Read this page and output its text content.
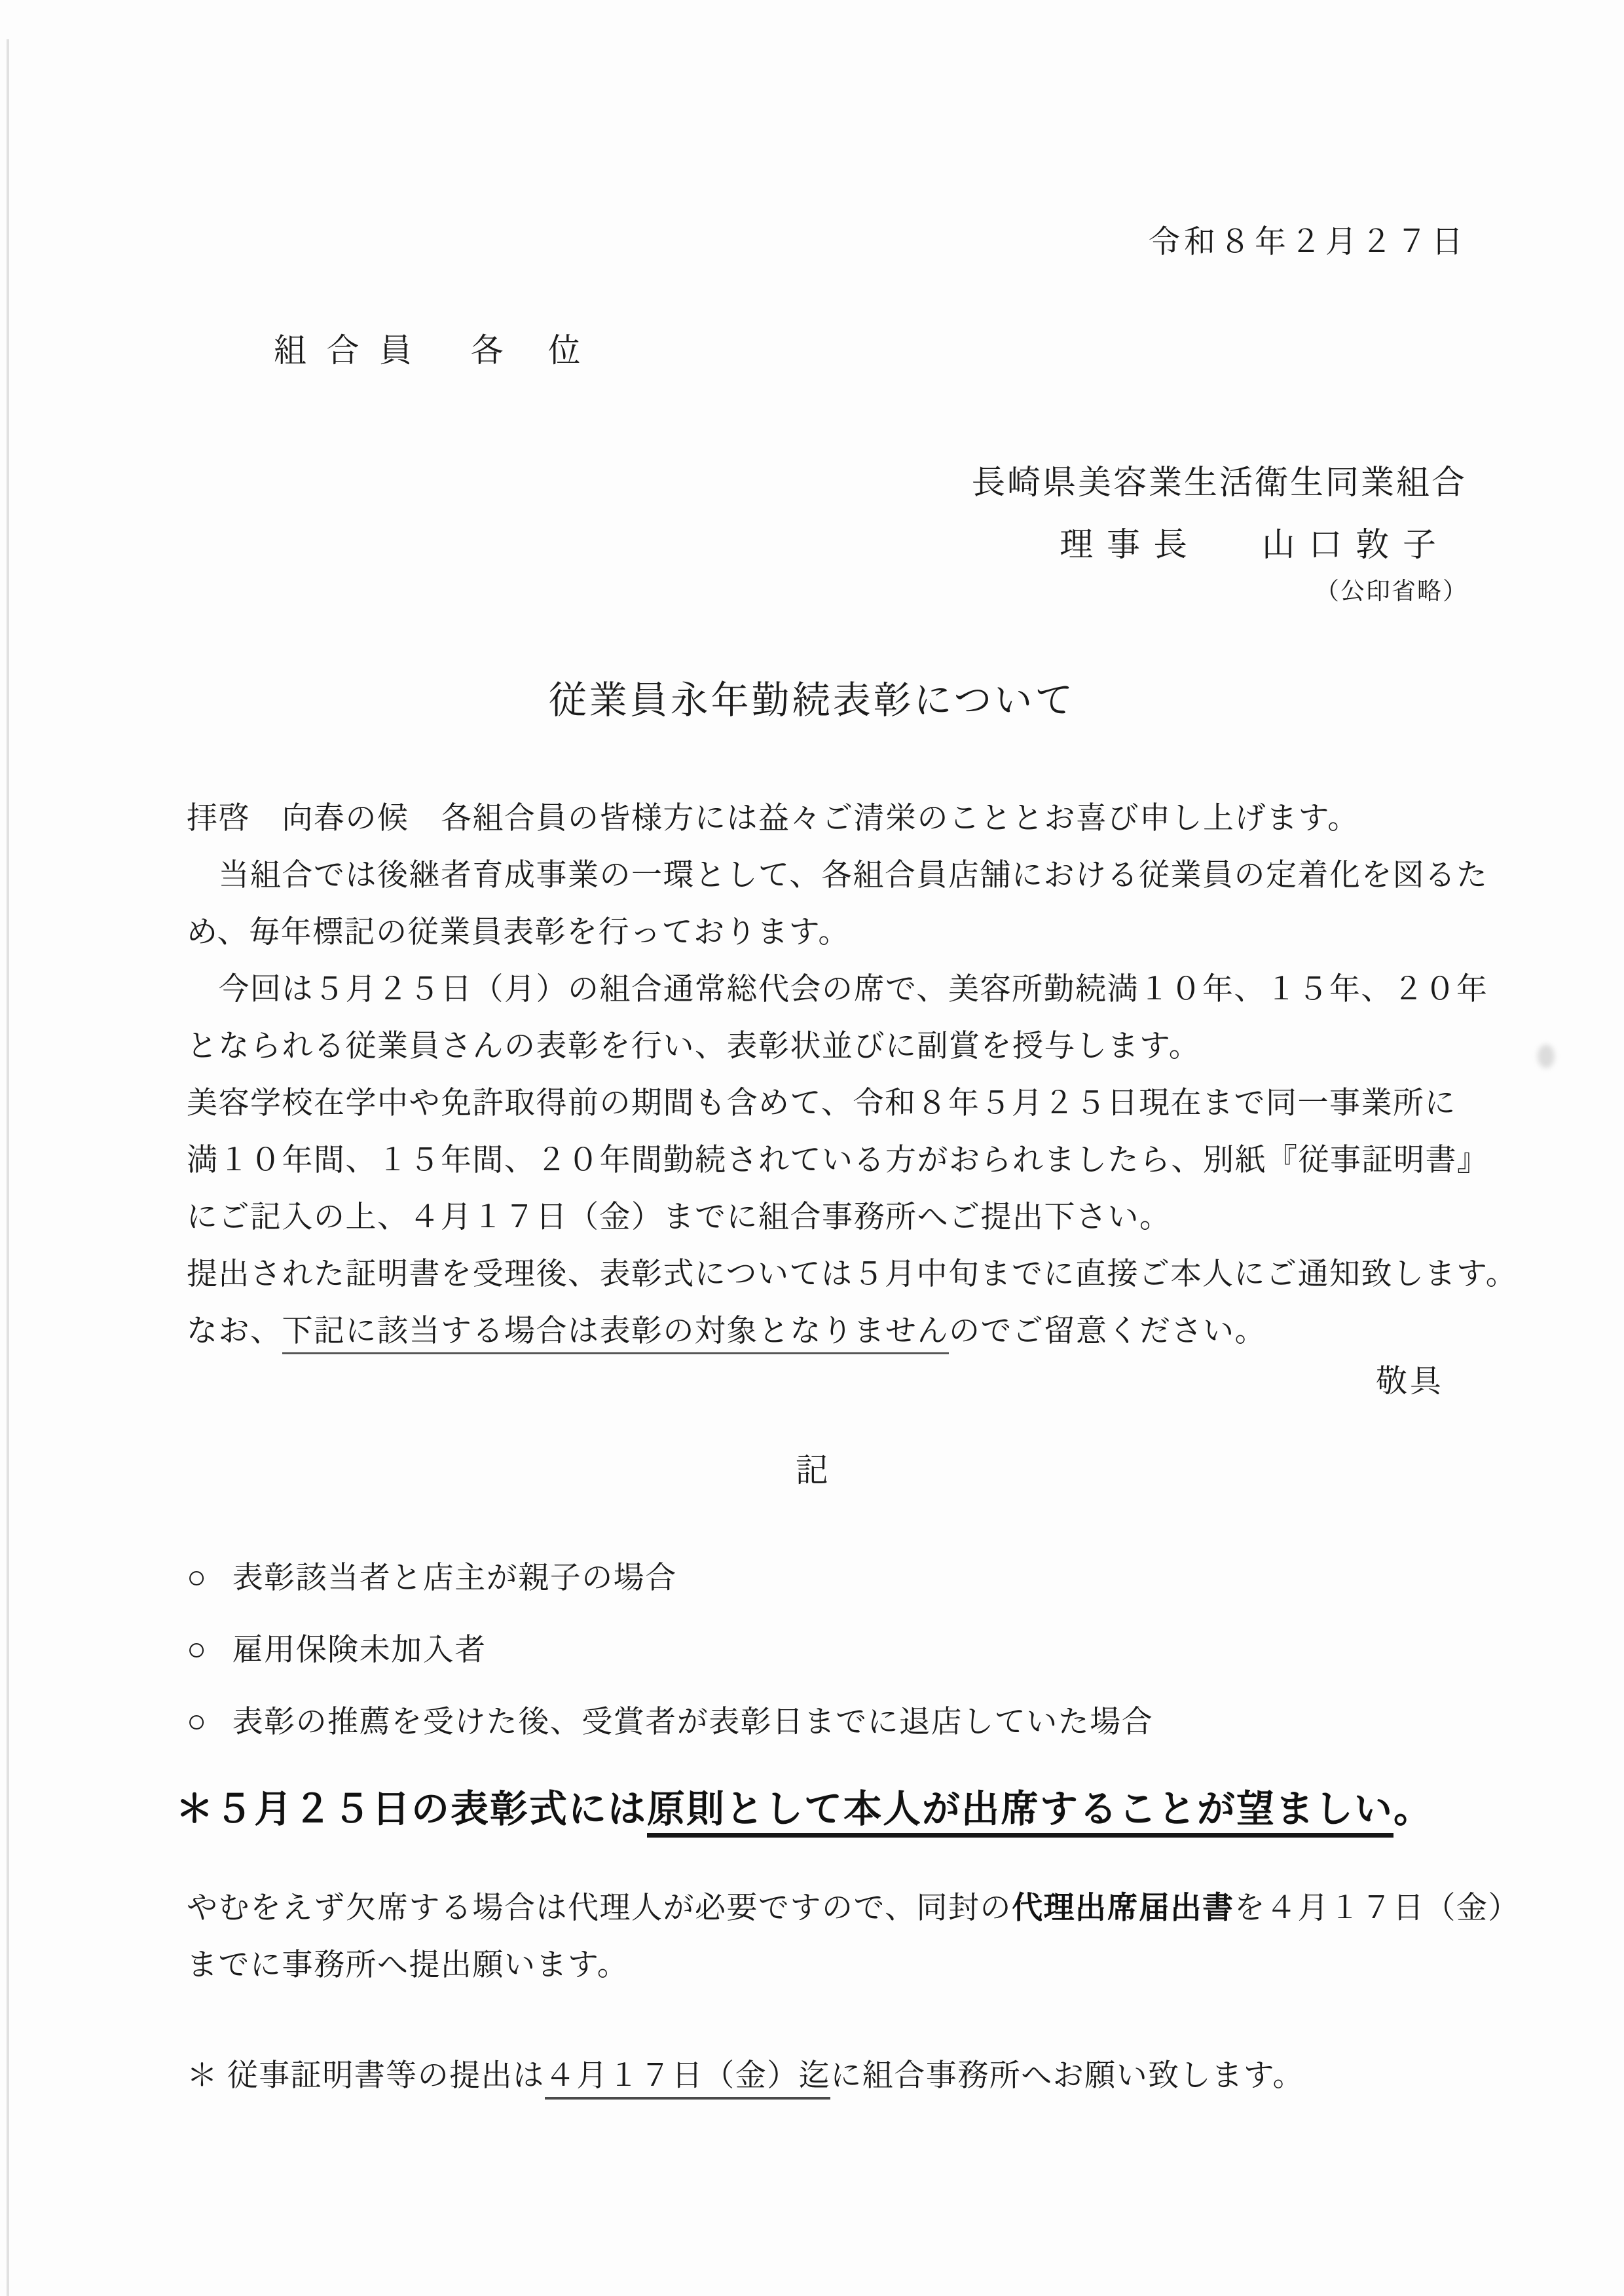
令和８年２月２７日
組 合 員　 各　位
長崎県美容業生活衛生同業組合
理 事 長　　山 口 敦 子
（公印省略）
従業員永年勤続表彰について
拝啓　向春の候　各組合員の皆様方には益々ご清栄のこととお喜び申し上げます。
　当組合では後継者育成事業の一環として、各組合員店舗における従業員の定着化を図るた
め、毎年標記の従業員表彰を行っております。
　今回は５月２５日（月）の組合通常総代会の席で、美容所勤続満１０年、１５年、２０年
となられる従業員さんの表彰を行い、表彰状並びに副賞を授与します。
美容学校在学中や免許取得前の期間も含めて、令和８年５月２５日現在まで同一事業所に
満１０年間、１５年間、２０年間勤続されている方がおられましたら、別紙『従事証明書』
にご記入の上、４月１７日（金）までに組合事務所へご提出下さい。
提出された証明書を受理後、表彰式については５月中旬までに直接ご本人にご通知致します。
なお、下記に該当する場合は表彰の対象となりませんのでご留意ください。
敬具
記
○ 表彰該当者と店主が親子の場合
○ 雇用保険未加入者
○ 表彰の推薦を受けた後、受賞者が表彰日までに退店していた場合
＊５月２５日の表彰式には原則として本人が出席することが望ましい。
やむをえず欠席する場合は代理人が必要ですので、同封の代理出席届出書を４月１７日（金）
までに事務所へ提出願います。
＊ 従事証明書等の提出は４月１７日（金）迄に組合事務所へお願い致します。
